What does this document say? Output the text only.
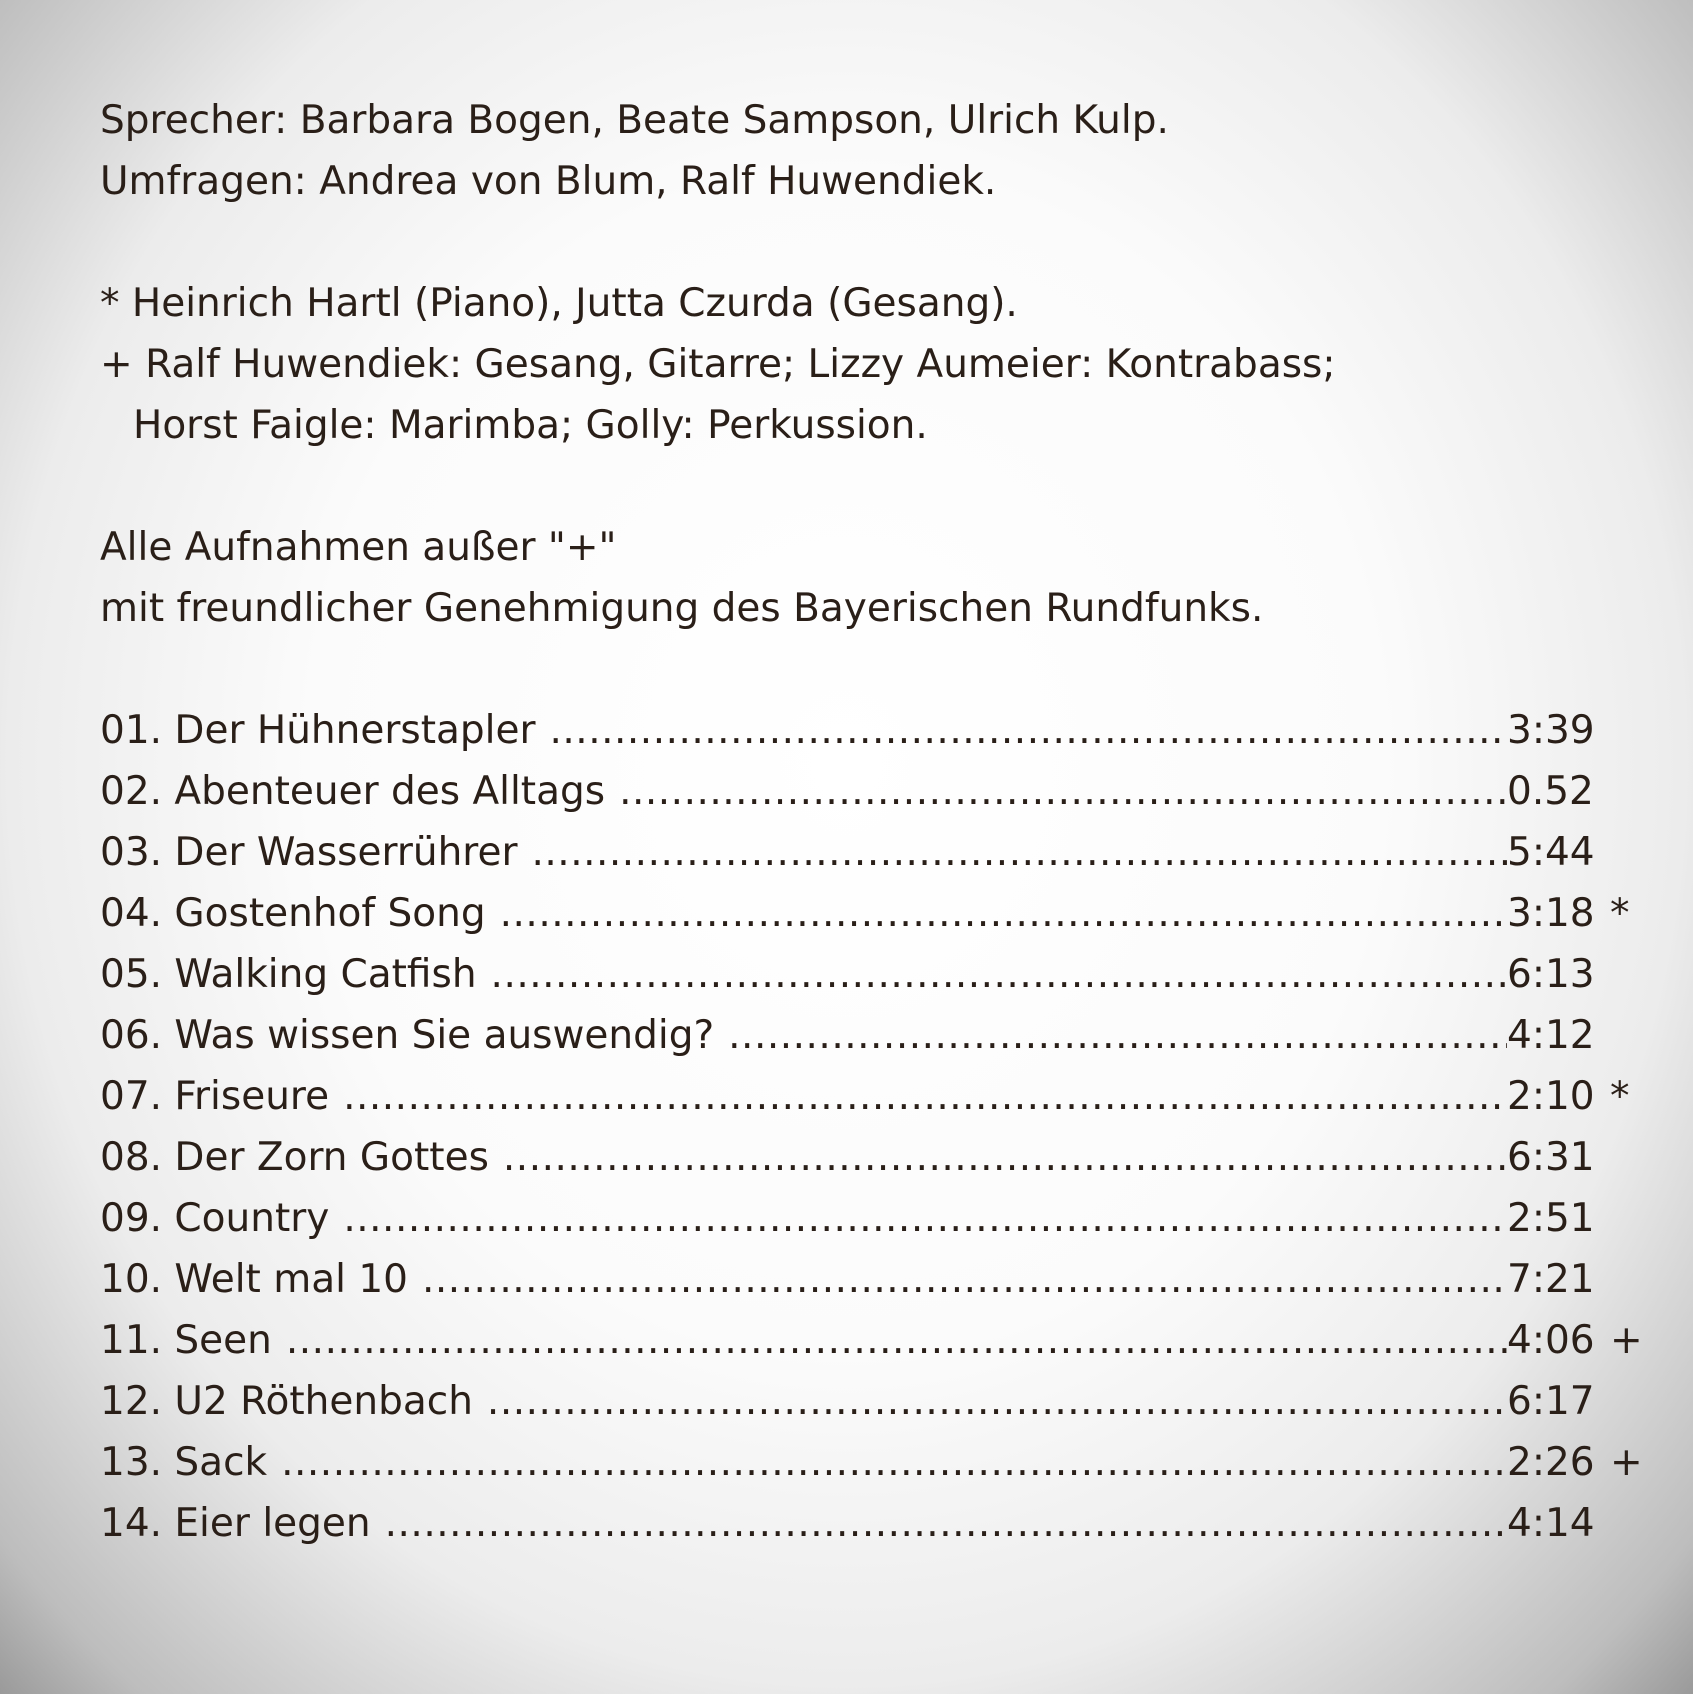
Sprecher: Barbara Bogen, Beate Sampson, Ulrich Kulp.
Umfragen: Andrea von Blum, Ralf Huwendiek.
* Heinrich Hartl (Piano), Jutta Czurda (Gesang).
+ Ralf Huwendiek: Gesang, Gitarre; Lizzy Aumeier: Kontrabass;
Horst Faigle: Marimba; Golly: Perkussion.
Alle Aufnahmen außer "+"
mit freundlicher Genehmigung des Bayerischen Rundfunks.
01. Der Hühnerstapler .....	3:39
02. Abenteuer des Alltags .....	0.52
03. Der Wasserrührer .....	5:44
04. Gostenhof Song .....	3:18 *
05. Walking Catfish .....	6:13
06. Was wissen Sie auswendig? .....	4:12
07. Friseure .....	2:10 *
08. Der Zorn Gottes .....	6:31
09. Country .....	2:51
10. Welt mal 10 .....	7:21
11. Seen .....	4:06 +
12. U2 Röthenbach .....	6:17
13. Sack .....	2:26 +
14. Eier legen .....	4:14
